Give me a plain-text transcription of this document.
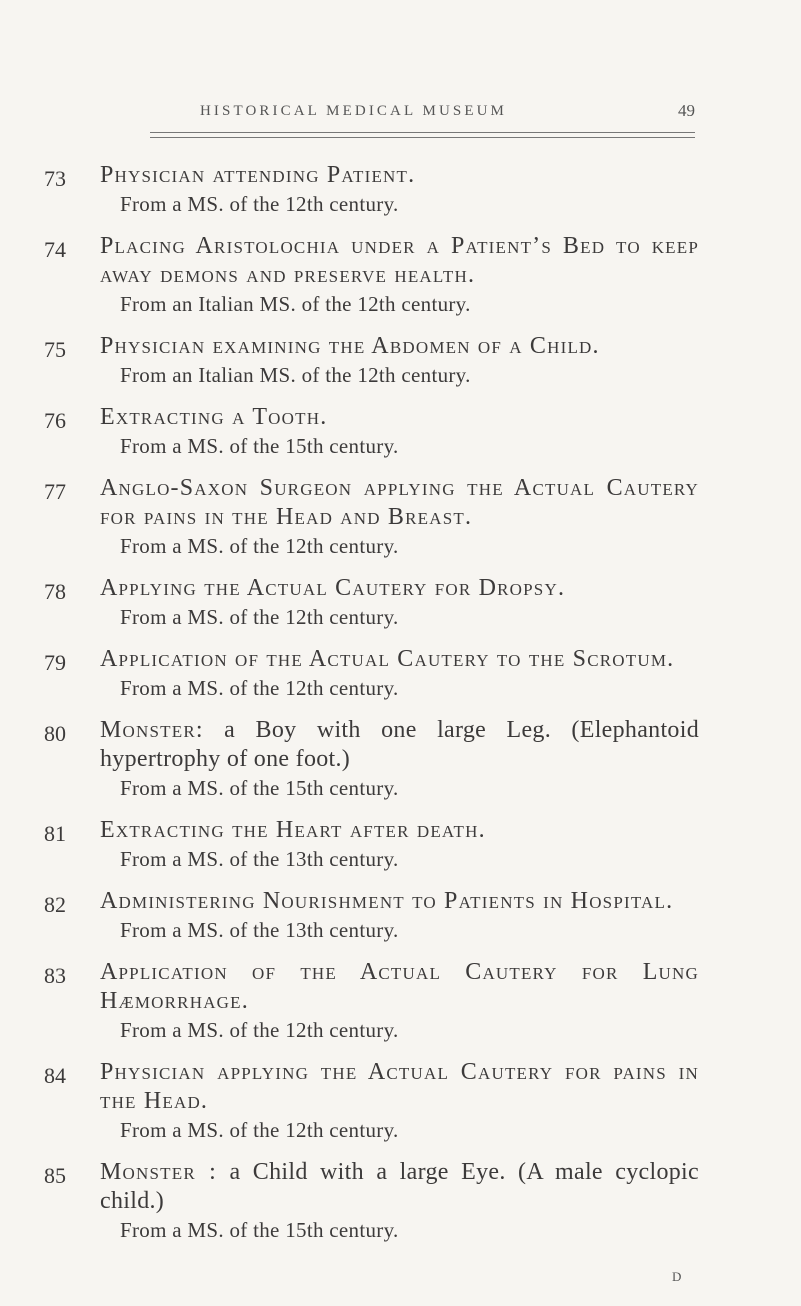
HISTORICAL MEDICAL MUSEUM	49
73	Physician attending Patient.
From a MS. of the 12th century.
74	Placing Aristolochia under a Patient’s Bed to keep away demons and preserve health.
From an Italian MS. of the 12th century.
75	Physician examining the Abdomen of a Child.
From an Italian MS. of the 12th century.
76	Extracting a Tooth.
From a MS. of the 15th century.
77	Anglo-Saxon Surgeon applying the Actual Cautery for pains in the Head and Breast.
From a MS. of the 12th century.
78	Applying the Actual Cautery for Dropsy.
From a MS. of the 12th century.
79	Application of the Actual Cautery to the Scrotum.
From a MS. of the 12th century.
80	Monster: a Boy with one large Leg. (Elephantoid hypertrophy of one foot.)
From a MS. of the 15th century.
81	Extracting the Heart after death.
From a MS. of the 13th century.
82	Administering Nourishment to Patients in Hospital.
From a MS. of the 13th century.
83	Application of the Actual Cautery for Lung Hæmorrhage.
From a MS. of the 12th century.
84	Physician applying the Actual Cautery for pains in the Head.
From a MS. of the 12th century.
85	Monster : a Child with a large Eye. (A male cyclopic child.)
From a MS. of the 15th century.
D
